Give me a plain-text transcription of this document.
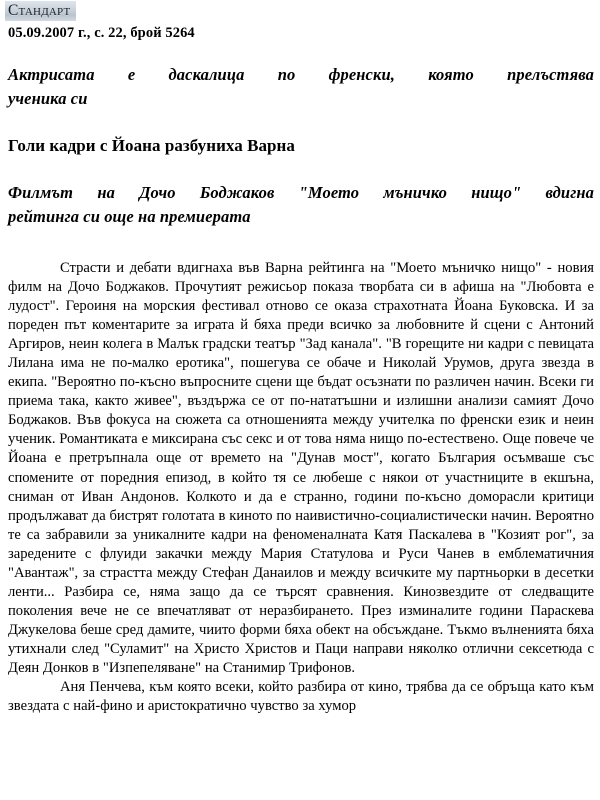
Стандарт
05.09.2007 г., с. 22, брой 5264
Актрисата е даскалица по френски, която прелъстява
ученика си
Голи кадри с Йоана разбуниха Варна
Филмът на Дочо Боджаков "Моето мъничко нищо" вдигна
рейтинга си още на премиерата

Страсти и дебати вдигнаха във Варна рейтинга на "Моето мъничко нищо" - новия филм на Дочо Боджаков. Прочутият режисьор показа творбата си в афиша на "Любовта е лудост". Героиня на морския фестивал отново се оказа страхотната Йоана Буковска. И за пореден път коментарите за играта й бяха преди всичко за любовните й сцени с Антоний Аргиров, неин колега в Малък градски театър "Зад канала". "В горещите ни кадри с певицата Лилана има не по-малко еротика", пошегува се обаче и Николай Урумов, друга звезда в екипа. "Вероятно по-късно въпросните сцени ще бъдат осъзнати по различен начин. Всеки ги приема така, както живее", въздържа се от по-нататъшни и излишни анализи самият Дочо Боджаков. Във фокуса на сюжета са отношенията между учителка по френски език и неин ученик. Романтиката е миксирана със секс и от това няма нищо по-естествено. Още повече че Йоана е претръпнала още от времето на "Дунав мост", когато България осъмваше със спомените от поредния епизод, в който тя се любеше с някои от участниците в екшъна, сниман от Иван Андонов. Колкото и да е странно, години по-късно доморасли критици продължават да бистрят голотата в киното по наивистично-социалистически начин. Вероятно те са забравили за уникалните кадри на феноменалната Катя Паскалева в "Козият рог", за заредените с флуиди закачки между Мария Статулова и Руси Чанев в емблематичния "Авантаж", за страстта между Стефан Данаилов и между всичките му партньорки в десетки ленти... Разбира се, няма защо да се търсят сравнения. Кинозвездите от следващите поколения вече не се впечатляват от неразбирането. През изминалите години Параскева Джукелова беше сред дамите, чиито форми бяха обект на обсъждане. Тъкмо вълненията бяха утихнали след "Суламит" на Христо Христов и Паци направи няколко отлични сексетюда с Деян Донков в "Изпепеляване" на Станимир Трифонов.

Аня Пенчева, към която всеки, който разбира от кино, трябва да се обръща като към звездата с най-фино и аристократично чувство за хумор
